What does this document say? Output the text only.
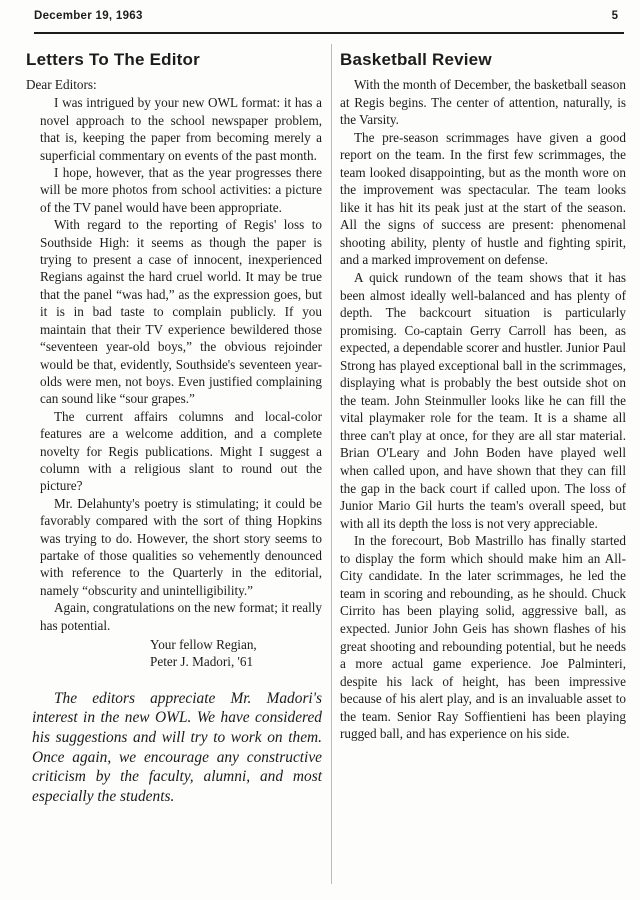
December 19, 1963	5
Letters To The Editor

Dear Editors:

I was intrigued by your new OWL format: it has a novel approach to the school newspaper problem, that is, keeping the paper from becoming merely a superficial commentary on events of the past month.

I hope, however, that as the year progresses there will be more photos from school activities: a picture of the TV panel would have been appropriate.

With regard to the reporting of Regis' loss to Southside High: it seems as though the paper is trying to present a case of innocent, inexperienced Regians against the hard cruel world. It may be true that the panel “was had,” as the expression goes, but it is in bad taste to complain publicly. If you maintain that their TV experience bewildered those “seventeen year-old boys,” the obvious rejoinder would be that, evidently, Southside's seventeen year-olds were men, not boys. Even justified complaining can sound like “sour grapes.”

The current affairs columns and local-color features are a welcome addition, and a complete novelty for Regis publications. Might I suggest a column with a religious slant to round out the picture?

Mr. Delahunty's poetry is stimulating; it could be favorably compared with the sort of thing Hopkins was trying to do. However, the short story seems to partake of those qualities so vehemently denounced with reference to the Quarterly in the editorial, namely “obscurity and unintelligibility.”

Again, congratulations on the new format; it really has potential.

Your fellow Regian,
Peter J. Madori, '61

The editors appreciate Mr. Madori's interest in the new OWL. We have considered his suggestions and will try to work on them. Once again, we encourage any constructive criticism by the faculty, alumni, and most especially the students.

Basketball Review

With the month of December, the basketball season at Regis begins. The center of attention, naturally, is the Varsity.

The pre-season scrimmages have given a good report on the team. In the first few scrimmages, the team looked disappointing, but as the month wore on the improvement was spectacular. The team looks like it has hit its peak just at the start of the season. All the signs of success are present: phenomenal shooting ability, plenty of hustle and fighting spirit, and a marked improvement on defense.

A quick rundown of the team shows that it has been almost ideally well-balanced and has plenty of depth. The backcourt situation is particularly promising. Co-captain Gerry Carroll has been, as expected, a dependable scorer and hustler. Junior Paul Strong has played exceptional ball in the scrimmages, displaying what is probably the best outside shot on the team. John Steinmuller looks like he can fill the vital playmaker role for the team. It is a shame all three can't play at once, for they are all star material. Brian O'Leary and John Boden have played well when called upon, and have shown that they can fill the gap in the back court if called upon. The loss of Junior Mario Gil hurts the team's overall speed, but with all its depth the loss is not very appreciable.

In the forecourt, Bob Mastrillo has finally started to display the form which should make him an All-City candidate. In the later scrimmages, he led the team in scoring and rebounding, as he should. Chuck Cirrito has been playing solid, aggressive ball, as expected. Junior John Geis has shown flashes of his great shooting and rebounding potential, but he needs a more actual game experience. Joe Palminteri, despite his lack of height, has been impressive because of his alert play, and is an invaluable asset to the team. Senior Ray Soffientieni has been playing rugged ball, and has experience on his side.
